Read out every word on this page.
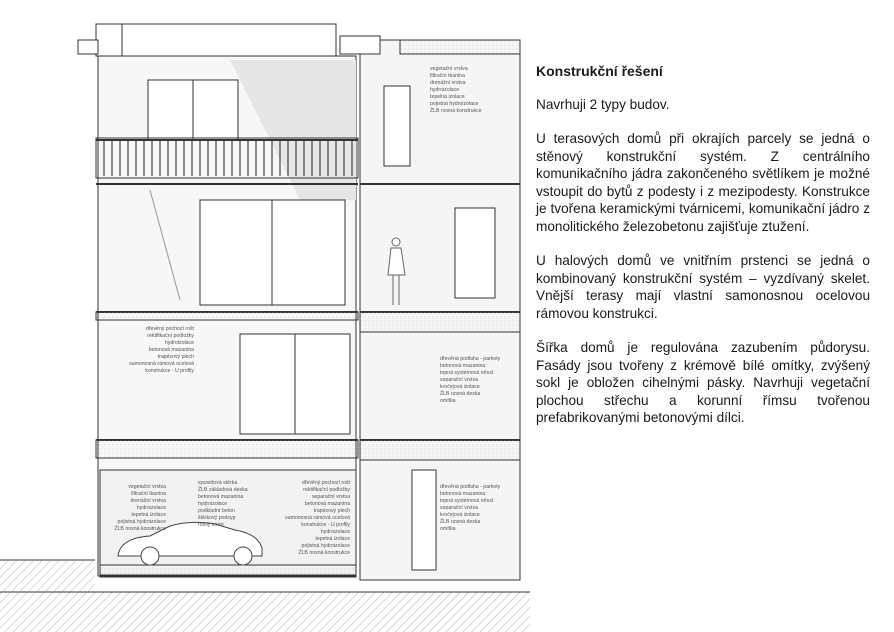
vegetační vrstva
filtrační tkanina
drenážní vrstva
hydroizolace
tepelná izolace
pojistná hydroizolace
ŽLB nosná konstrukce
dřevěný pochozí rošt
rektifikační podložky
hydroizolace
betonová mazanina
trapézový plech
samonosná rámová ocelová
konstrukce - U profily
dřevěná podlaha - parkety
betonová mazanina
topná systémová rohož
separační vrstva
kročejová izolace
ŽLB nosná deska
omítka
vegetační vrstva
filtrační tkanina
drenážní vrstva
hydroizolace
tepelná izolace
pojistná hydroizolace
ŽLB nosná konstrukce
epoxidová stěrka
ŽLB základová deska
betonová mazanina
hydroizolace
podkladní beton
štěrkový podsyp
rostlý terén
dřevěný pochozí rošt
rektifikační podložky
separační vrstva
betonová mazanina
trapézový plech
samonosná rámová ocelová
konstrukce - U profily
hydroizolace
tepelná izolace
pojistná hydroizolace
ŽLB nosná konstrukce
dřevěná podlaha - parkety
betonová mazanina
topná systémová rohož
separační vrstva
kročejová izolace
ŽLB nosná deska
omítka
Konstrukční řešení

Navrhuji 2 typy budov.

U terasových domů při okrajích parcely se jedná o stěnový konstrukční systém. Z centrálního komunikačního jádra zakončeného světlíkem je možné vstoupit do bytů z podesty i z mezipodesty. Konstrukce je tvořena keramickými tvárnicemi, komunikační jádro z monolitického železobetonu zajišťuje ztužení.

U halových domů ve vnitřním prstenci se jedná o kombinovaný konstrukční systém – vyzdívaný skelet. Vnější terasy mají vlastní samonosnou ocelovou rámovou konstrukci.

Šířka domů je regulována zazubením půdorysu. Fasády jsou tvořeny z krémově bílé omítky, zvýšený sokl je obložen cihelnými pásky. Navrhuji vegetační plochou střechu a korunní římsu tvořenou prefabrikovanými betonovými dílci.
